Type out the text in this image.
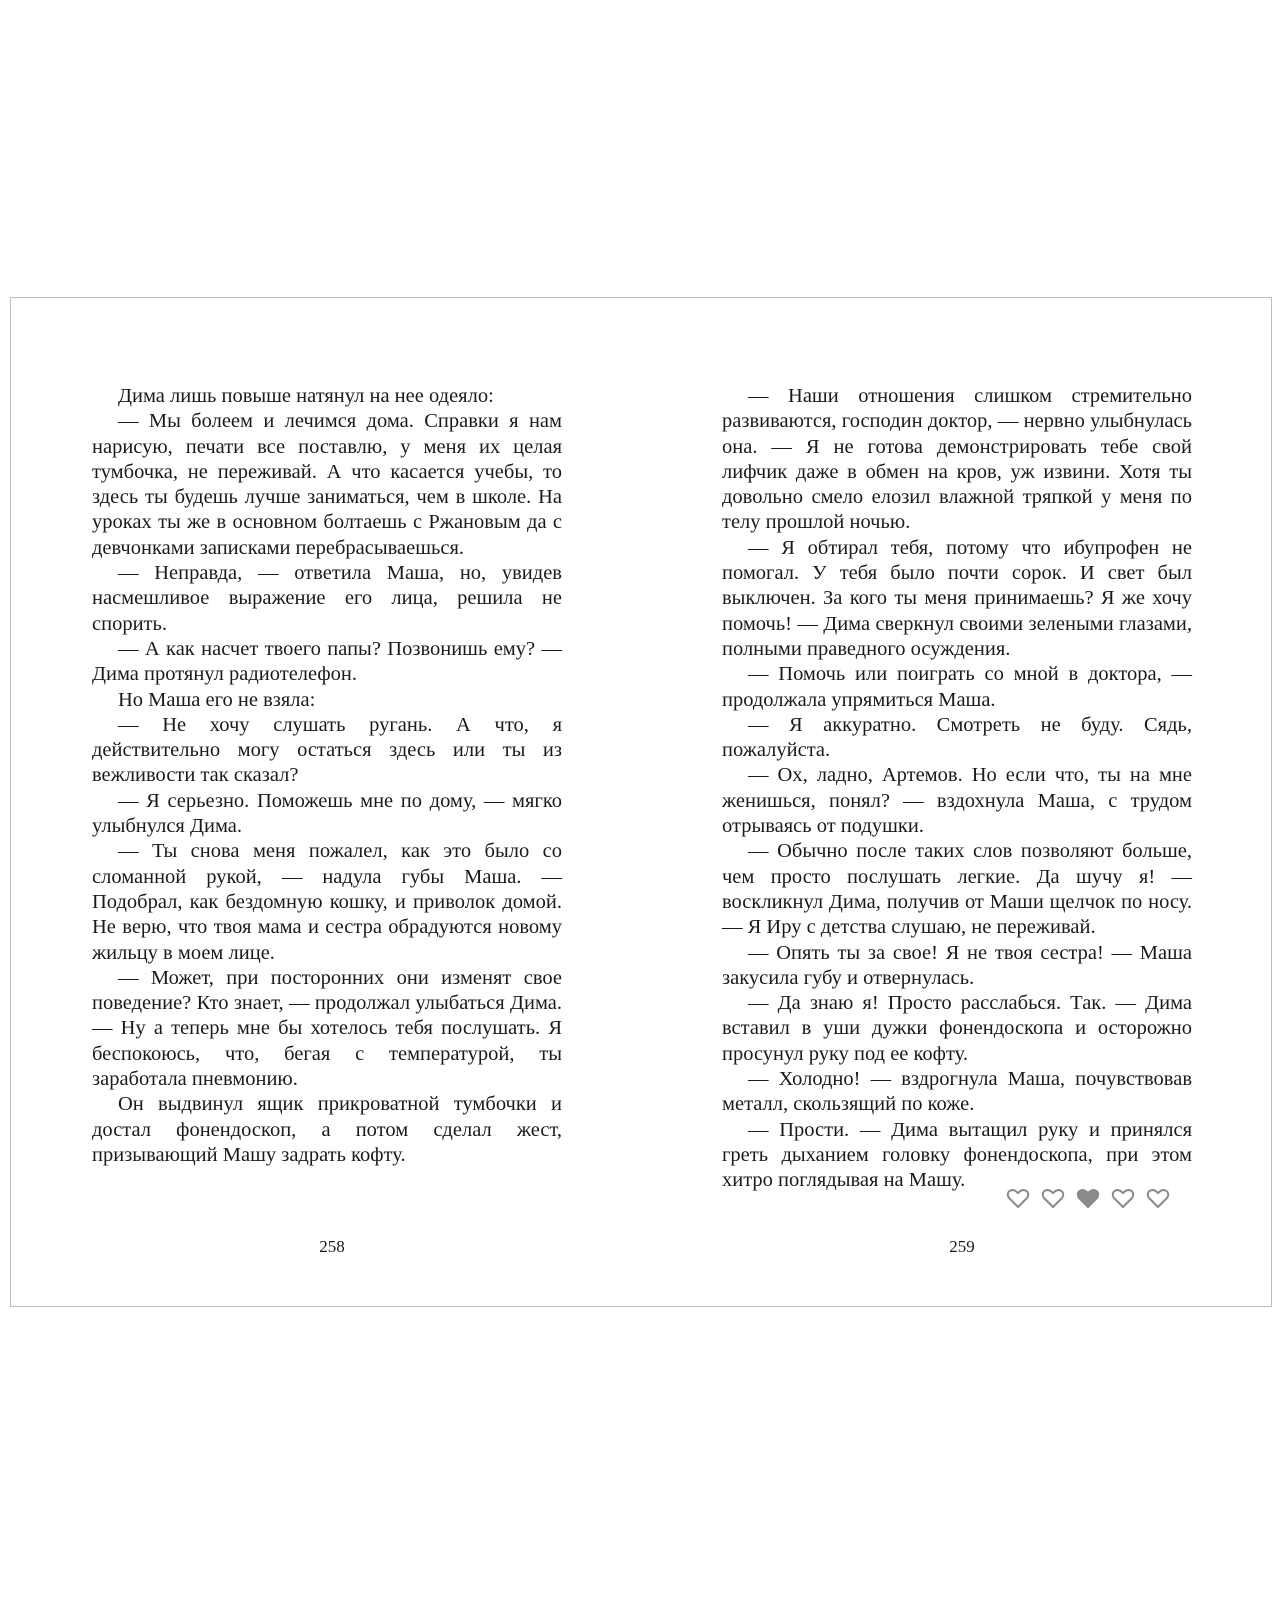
Дима лишь повыше натянул на нее одеяло:

— Мы болеем и лечимся дома. Справки я нам нарисую, печати все поставлю, у меня их целая тумбочка, не переживай. А что касается учебы, то здесь ты будешь лучше заниматься, чем в школе. На уроках ты же в основном болтаешь с Ржановым да с девчонками записками перебрасываешься.

— Неправда, — ответила Маша, но, увидев насмешливое выражение его лица, решила не спорить.

— А как насчет твоего папы? Позвонишь ему? — Дима протянул радиотелефон.

Но Маша его не взяла:

— Не хочу слушать ругань. А что, я действительно могу остаться здесь или ты из вежливости так сказал?

— Я серьезно. Поможешь мне по дому, — мягко улыбнулся Дима.

— Ты снова меня пожалел, как это было со сломанной рукой, — надула губы Маша. — Подобрал, как бездомную кошку, и приволок домой. Не верю, что твоя мама и сестра обрадуются новому жильцу в моем лице.

— Может, при посторонних они изменят свое поведение? Кто знает, — продолжал улыбаться Дима. — Ну а теперь мне бы хотелось тебя послушать. Я беспокоюсь, что, бегая с температурой, ты заработала пневмонию.

Он выдвинул ящик прикроватной тумбочки и достал фонендоскоп, а потом сделал жест, призывающий Машу задрать кофту.

— Наши отношения слишком стремительно развиваются, господин доктор, — нервно улыбнулась она. — Я не готова демонстрировать тебе свой лифчик даже в обмен на кров, уж извини. Хотя ты довольно смело елозил влажной тряпкой у меня по телу прошлой ночью.

— Я обтирал тебя, потому что ибупрофен не помогал. У тебя было почти сорок. И свет был выключен. За кого ты меня принимаешь? Я же хочу помочь! — Дима сверкнул своими зелеными глазами, полными праведного осуждения.

— Помочь или поиграть со мной в доктора, — продолжала упрямиться Маша.

— Я аккуратно. Смотреть не буду. Сядь, пожалуйста.

— Ох, ладно, Артемов. Но если что, ты на мне женишься, понял? — вздохнула Маша, с трудом отрываясь от подушки.

— Обычно после таких слов позволяют больше, чем просто послушать легкие. Да шучу я! — воскликнул Дима, получив от Маши щелчок по носу. — Я Иру с детства слушаю, не переживай.

— Опять ты за свое! Я не твоя сестра! — Маша закусила губу и отвернулась.

— Да знаю я! Просто расслабься. Так. — Дима вставил в уши дужки фонендоскопа и осторожно просунул руку под ее кофту.

— Холодно! — вздрогнула Маша, почувствовав металл, скользящий по коже.

— Прости. — Дима вытащил руку и принялся греть дыханием головку фонендоскопа, при этом хитро поглядывая на Машу.

258	259
